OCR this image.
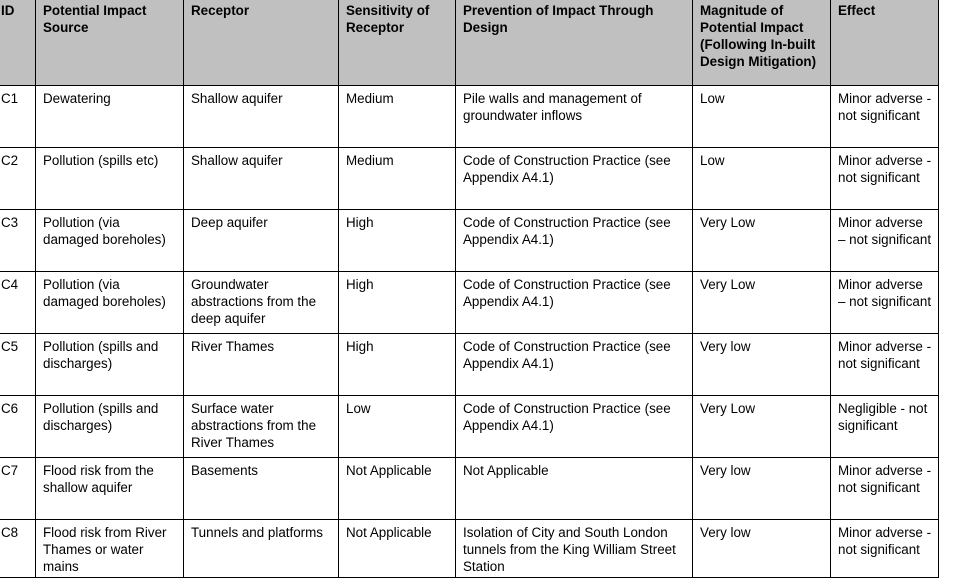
ID	Potential Impact Source	Receptor	Sensitivity of Receptor	Prevention of Impact Through Design	Magnitude of Potential Impact (Following In-built Design Mitigation)	Effect
C1	Dewatering	Shallow aquifer	Medium	Pile walls and management of groundwater inflows	Low	Minor adverse - not significant
C2	Pollution (spills etc)	Shallow aquifer	Medium	Code of Construction Practice (see Appendix A4.1)	Low	Minor adverse - not significant
C3	Pollution (via damaged boreholes)	Deep aquifer	High	Code of Construction Practice (see Appendix A4.1)	Very Low	Minor adverse – not significant
C4	Pollution (via damaged boreholes)	Groundwater abstractions from the deep aquifer	High	Code of Construction Practice (see Appendix A4.1)	Very Low	Minor adverse – not significant
C5	Pollution (spills and discharges)	River Thames	High	Code of Construction Practice (see Appendix A4.1)	Very low	Minor adverse - not significant
C6	Pollution (spills and discharges)	Surface water abstractions from the River Thames	Low	Code of Construction Practice (see Appendix A4.1)	Very Low	Negligible - not significant
C7	Flood risk from the shallow aquifer	Basements	Not Applicable	Not Applicable	Very low	Minor adverse - not significant
C8	Flood risk from River Thames or water mains	Tunnels and platforms	Not Applicable	Isolation of City and South London tunnels from the King William Street Station	Very low	Minor adverse - not significant
